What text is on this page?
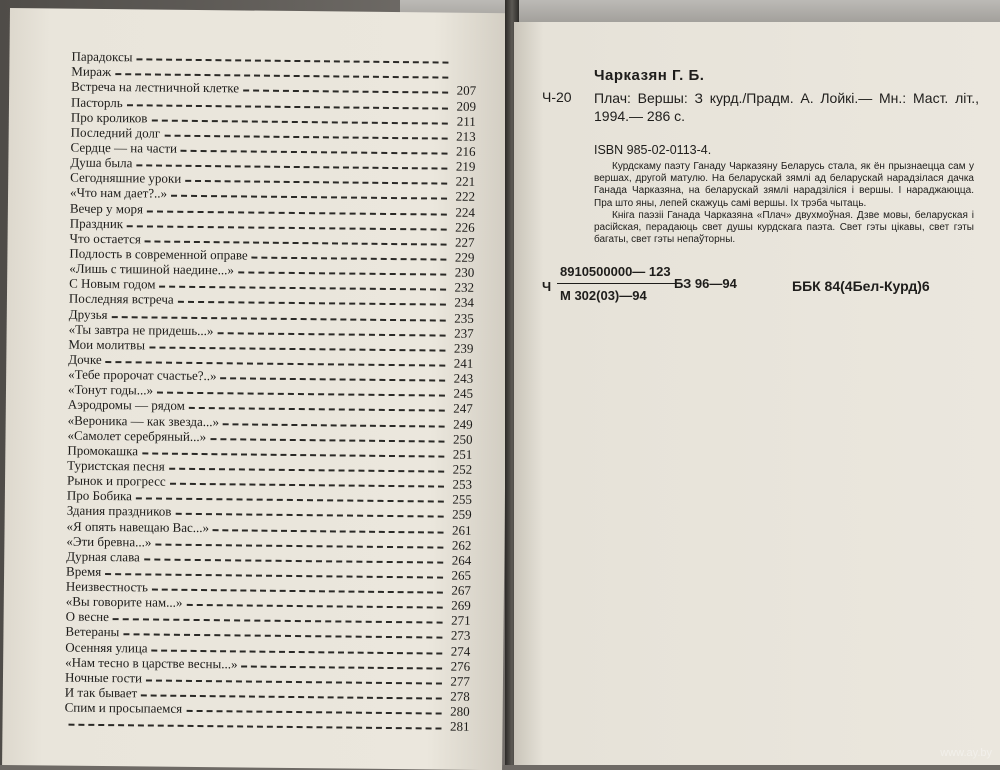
Парадоксы
Мираж
Встреча на лестничной клетке	207
Пасторль	209
Про кроликов	211
Последний долг	213
Сердце — на части	216
Душа была	219
Сегодняшние уроки	221
«Что нам дает?..»	222
Вечер у моря	224
Праздник	226
Что остается	227
Подлость в современной оправе	229
«Лишь с тишиной наедине...»	230
С Новым годом	232
Последняя встреча	234
Друзья	235
«Ты завтра не придешь...»	237
Мои молитвы	239
Дочке	241
«Тебе пророчат счастье?..»	243
«Тонут годы...»	245
Аэродромы — рядом	247
«Вероника — как звезда...»	249
«Самолет серебряный...»	250
Промокашка	251
Туристская песня	252
Рынок и прогресс	253
Про Бобика	255
Здания праздников	259
«Я опять навещаю Вас...»	261
«Эти бревна...»	262
Дурная слава	264
Время	265
Неизвестность	267
«Вы говорите нам...»	269
О весне	271
Ветераны	273
Осенняя улица	274
«Нам тесно в царстве весны...»	276
Ночные гости	277
И так бывает	278
Спим и просыпаемся	280
281
Чарказян Г. Б.
Ч-20 Плач: Вершы: З курд./Прадм. А. Лойкі.— Мн.: Маст. літ., 1994.— 286 с.
ISBN 985-02-0113-4.

Курдскаму паэту Ганаду Чарказяну Беларусь стала, як ён прызнаецца сам у вершах, другой матулю. На беларускай зямлі ад беларускай нарадзілася дачка Ганада Чарказяна, на беларускай зямлі нарадзіліся і вершы. І нараджаюцца. Пра што яны, лепей скажуць самі вершы. Іх трэба чытаць.

Кніга паэзіі Ганада Чарказяна «Плач» двухмоўная. Дзве мовы, беларуская і расійская, перадаюць свет душы курдскага паэта. Свет гэты цікавы, свет гэты багаты, свет гэты непаўторны.

Ч
8910500000— 123
М 302(03)—94
БЗ 96—94	ББК 84(4Бел-Курд)6
www.ay.by
